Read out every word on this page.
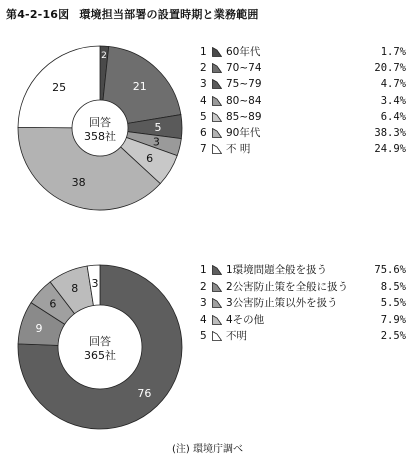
第4-2-16図 環境担当部署の設置時期と業務範囲
2
21
5
3
6
38
25
回答
358社
1	60年代	1.7%
2	70~74	20.7%
3	75~79	4.7%
4	80~84	3.4%
5	85~89	6.4%
6	90年代	38.3%
7	不 明	24.9%
76
9
6
8 3
回答
365社
1	1環境問題全般を扱う	75.6%
2	2公害防止策を全般に扱う	8.5%
3	3公害防止策以外を扱う	5.5%
4	4その他	7.9%
5	不明	2.5%
(注) 環境庁調べ
